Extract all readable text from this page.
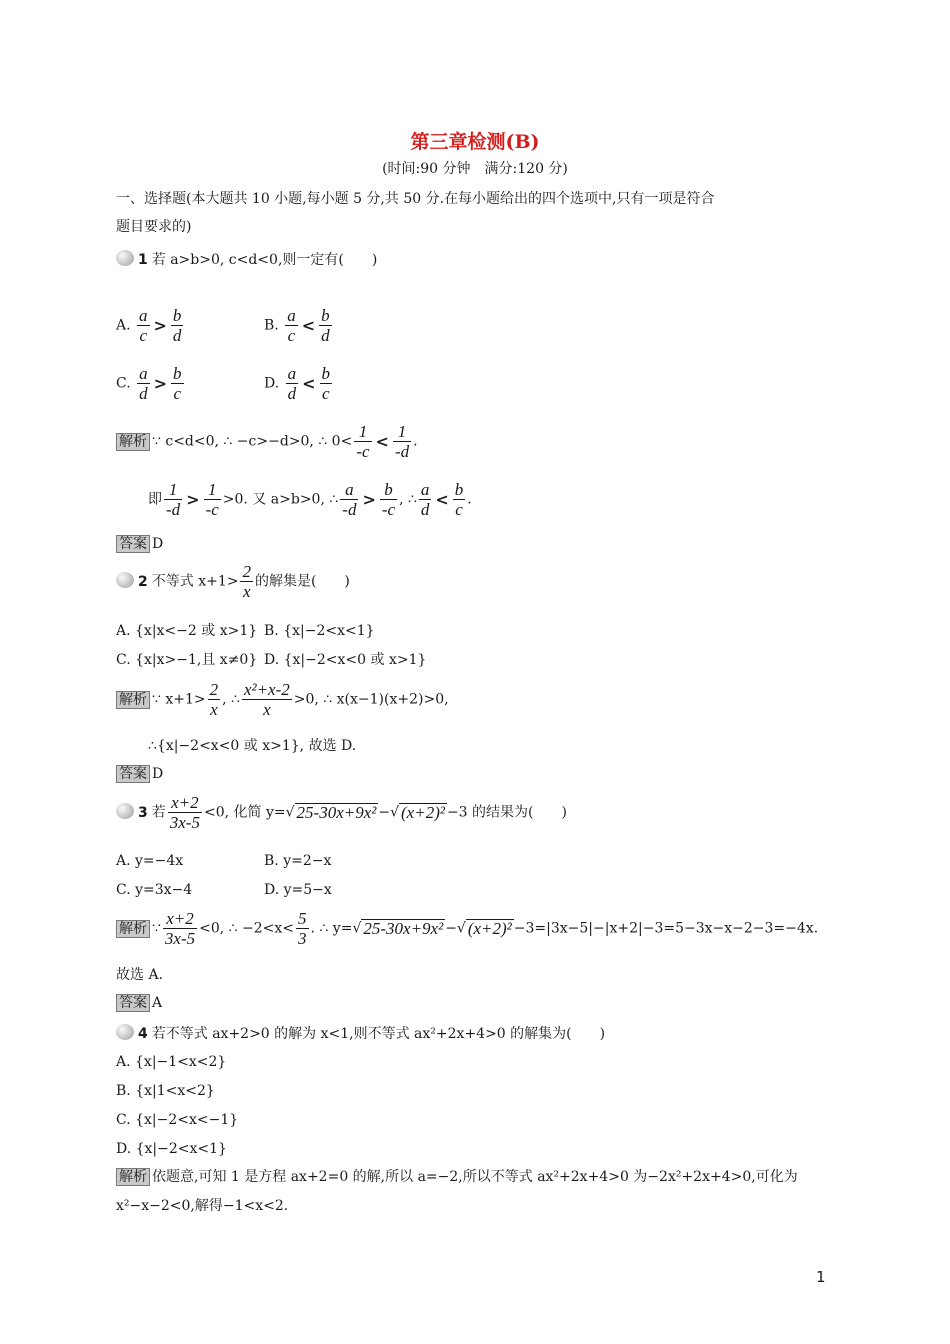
第三章检测(B)
(时间:90 分钟　满分:120 分)
一、选择题(本大题共 10 小题,每小题 5 分,共 50 分.在每小题给出的四个选项中,只有一项是符合
题目要求的)
1 若 a>b>0, c<d<0,则一定有(　　)
A. $\frac{a}{c} > \frac{b}{d}$	B. $\frac{a}{c} < \frac{b}{d}$
C. $\frac{a}{d} > \frac{b}{c}$	D. $\frac{a}{d} < \frac{b}{c}$
解析 ∵ c<d<0, ∴ −c>−d>0, ∴ $0< \frac{1}{-c} < \frac{1}{-d}$ .
即 $\frac{1}{-d} > \frac{1}{-c} >0$. 又 a>b>0, ∴ $\frac{a}{-d} > \frac{b}{-c}$ , ∴ $\frac{a}{d} < \frac{b}{c}$ .
答案 D
2 不等式 $x+1> \frac{2}{x}$ 的解集是(　　)
A. {x|x<−2 或 x>1} B. {x|−2<x<1}
C. {x|x>−1,且 x≠0} D. {x|−2<x<0 或 x>1}
解析 ∵ $x+1> \frac{2}{x}$ , ∴ $\frac{\text{x²+x-2}}{x} >0$, ∴ x(x−1)(x+2)>0,
∴{x|−2<x<0 或 x>1}, 故选 D.
答案 D
3 若 $\frac{x+2}{3x-5} <0$, 化简 y=√ 25-30x+9x² −√ (x+2)² −3 的结果为(　　)
A. y=−4x	B. y=2−x
C. y=3x−4	D. y=5−x
解析 ∵ $\frac{x+2}{3x-5} <0$, ∴ $-2<x< \frac{5}{3}$ . ∴ y=√ 25-30x+9x² −√ (x+2)² −3=|3x−5|−|x+2|−3=5−3x−x−2−3=−4x.
故选 A.
答案 A
4 若不等式 ax+2>0 的解为 x<1,则不等式 ax²+2x+4>0 的解集为(　　)
A. {x|−1<x<2}
B. {x|1<x<2}
C. {x|−2<x<−1}
D. {x|−2<x<1}
解析 依题意,可知 1 是方程 ax+2=0 的解,所以 a=−2,所以不等式 ax²+2x+4>0 为−2x²+2x+4>0,可化为
x²−x−2<0,解得−1<x<2.
1
